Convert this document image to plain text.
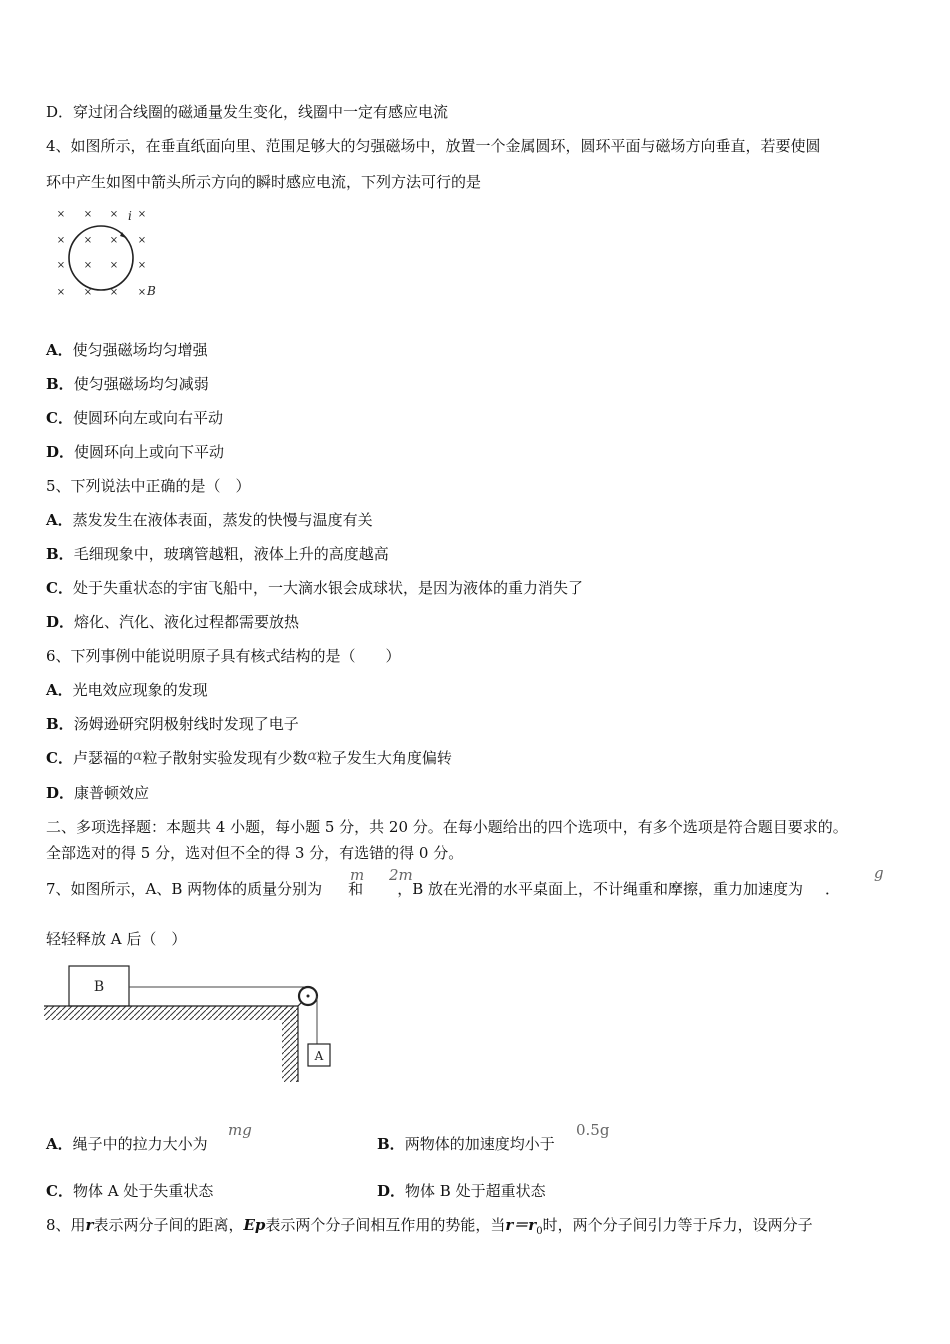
D．穿过闭合线圈的磁通量发生变化，线圈中一定有感应电流
4、如图所示，在垂直纸面向里、范围足够大的匀强磁场中，放置一个金属圆环，圆环平面与磁场方向垂直，若要使圆
环中产生如图中箭头所示方向的瞬时感应电流，下列方法可行的是
× × × ×
× × × ×
× × × ×
× × × ×
i
B
A．使匀强磁场均匀增强
B．使匀强磁场均匀减弱
C．使圆环向左或向右平动
D．使圆环向上或向下平动
5、下列说法中正确的是（　）
A．蒸发发生在液体表面，蒸发的快慢与温度有关
B．毛细现象中，玻璃管越粗，液体上升的高度越高
C．处于失重状态的宇宙飞船中，一大滴水银会成球状，是因为液体的重力消失了
D．熔化、汽化、液化过程都需要放热
6、下列事例中能说明原子具有核式结构的是（　　）
A．光电效应现象的发现
B．汤姆逊研究阴极射线时发现了电子
C．卢瑟福的α粒子散射实验发现有少数α粒子发生大角度偏转
D．康普顿效应
二、多项选择题：本题共 4 小题，每小题 5 分，共 20 分。在每小题给出的四个选项中，有多个选项是符合题目要求的。
全部选对的得 5 分，选对但不全的得 3 分，有选错的得 0 分。
7、如图所示，A、B 两物体的质量分别为 和 ，B 放在光滑的水平桌面上，不计绳重和摩擦，重力加速度为 ．
m 2m	g
轻轻释放 A 后（　）
B
A
A．绳子中的拉力大小为
mg
B．两物体的加速度均小于
0.5g
C．物体 A 处于失重状态	D．物体 B 处于超重状态
8、用r表示两分子间的距离，Ep表示两个分子间相互作用的势能，当$r=r_0$时，两个分子间引力等于斥力，设两分子
